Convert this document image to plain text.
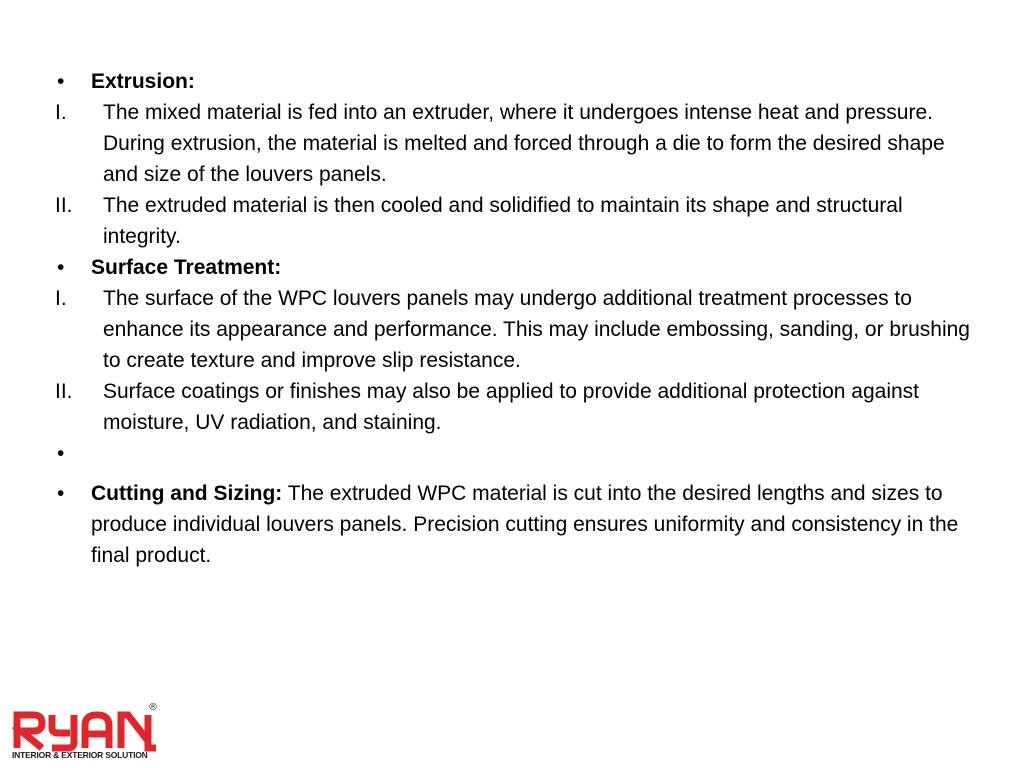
•	Extrusion:
I.	The mixed material is fed into an extruder, where it undergoes intense heat and pressure. During extrusion, the material is melted and forced through a die to form the desired shape and size of the louvers panels.
II.	The extruded material is then cooled and solidified to maintain its shape and structural integrity.
•	Surface Treatment:
I.	The surface of the WPC louvers panels may undergo additional treatment processes to enhance its appearance and performance. This may include embossing, sanding, or brushing to create texture and improve slip resistance.
II.	Surface coatings or finishes may also be applied to provide additional protection against moisture, UV radiation, and staining.
•
•	Cutting and Sizing: The extruded WPC material is cut into the desired lengths and sizes to produce individual louvers panels. Precision cutting ensures uniformity and consistency in the final product.
®
INTERIOR & EXTERIOR SOLUTION
